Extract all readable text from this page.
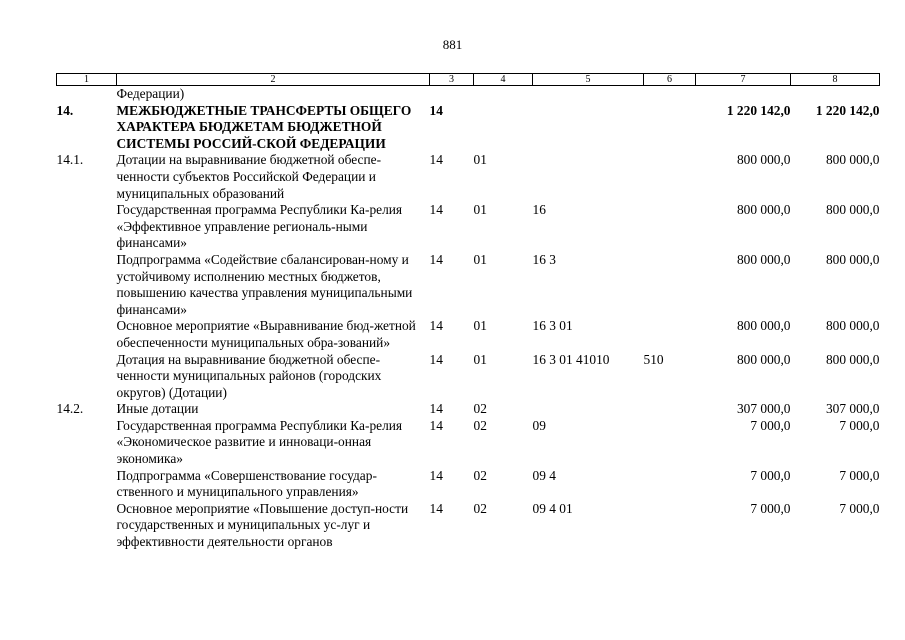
881
1	2	3	4	5	6	7	8
	Федерации)						
14.	МЕЖБЮДЖЕТНЫЕ ТРАНСФЕРТЫ ОБЩЕГО ХАРАКТЕРА БЮДЖЕТАМ БЮДЖЕТНОЙ СИСТЕМЫ РОССИЙ-СКОЙ ФЕДЕРАЦИИ	14				1 220 142,0	1 220 142,0
14.1.	Дотации на выравнивание бюджетной обеспе-ченности субъектов Российской Федерации и муниципальных образований	14	01			800 000,0	800 000,0
	Государственная программа Республики Ка-релия «Эффективное управление региональ-ными финансами»	14	01	16		800 000,0	800 000,0
	Подпрограмма «Содействие сбалансирован-ному и устойчивому исполнению местных бюджетов, повышению качества управления муниципальными финансами»	14	01	16 3		800 000,0	800 000,0
	Основное мероприятие «Выравнивание бюд-жетной обеспеченности муниципальных обра-зований»	14	01	16 3 01		800 000,0	800 000,0
	Дотация на выравнивание бюджетной обеспе-ченности муниципальных районов (городских округов) (Дотации)	14	01	16 3 01 41010	510	800 000,0	800 000,0
14.2.	Иные дотации	14	02			307 000,0	307 000,0
	Государственная программа Республики Ка-релия «Экономическое развитие и инноваци-онная экономика»	14	02	09		7 000,0	7 000,0
	Подпрограмма «Совершенствование государ-ственного и муниципального управления»	14	02	09 4		7 000,0	7 000,0
	Основное мероприятие «Повышение доступ-ности государственных и муниципальных ус-луг и эффективности деятельности органов	14	02	09 4 01		7 000,0	7 000,0
